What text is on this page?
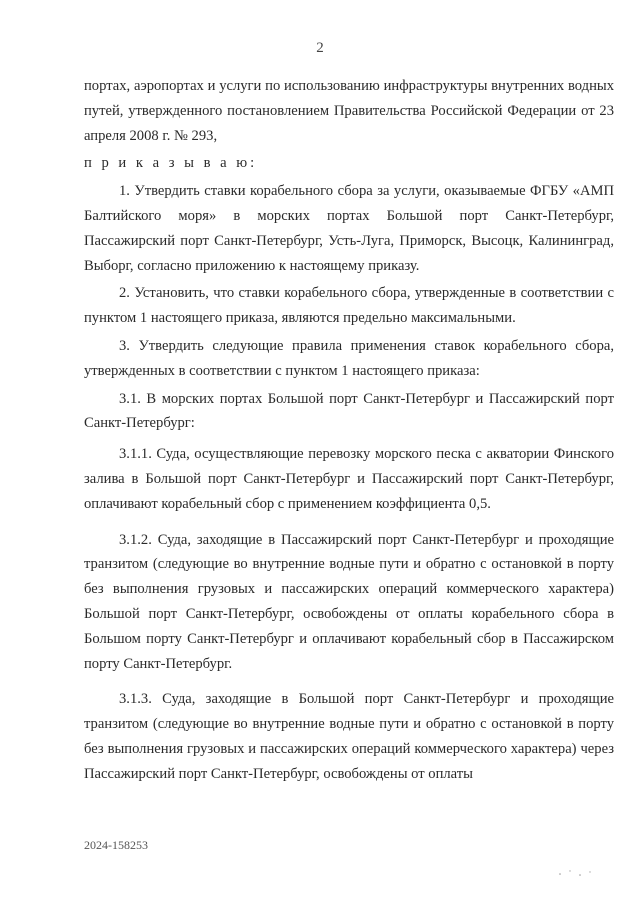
2

портах, аэропортах и услуги по использованию инфраструктуры внутренних водных путей, утвержденного постановлением Правительства Российской Федерации от 23 апреля 2008 г. № 293,

п р и к а з ы в а ю:

1. Утвердить ставки корабельного сбора за услуги, оказываемые ФГБУ «АМП Балтийского моря» в морских портах Большой порт Санкт-Петербург, Пассажирский порт Санкт-Петербург, Усть-Луга, Приморск, Высоцк, Калининград, Выборг, согласно приложению к настоящему приказу.

2. Установить, что ставки корабельного сбора, утвержденные в соответствии с пунктом 1 настоящего приказа, являются предельно максимальными.

3. Утвердить следующие правила применения ставок корабельного сбора, утвержденных в соответствии с пунктом 1 настоящего приказа:

3.1. В морских портах Большой порт Санкт-Петербург и Пассажирский порт Санкт-Петербург:

3.1.1. Суда, осуществляющие перевозку морского песка с акватории Финского залива в Большой порт Санкт-Петербург и Пассажирский порт Санкт-Петербург, оплачивают корабельный сбор с применением коэффициента 0,5.

3.1.2. Суда, заходящие в Пассажирский порт Санкт-Петербург и проходящие транзитом (следующие во внутренние водные пути и обратно с остановкой в порту без выполнения грузовых и пассажирских операций коммерческого характера) Большой порт Санкт-Петербург, освобождены от оплаты корабельного сбора в Большом порту Санкт-Петербург и оплачивают корабельный сбор в Пассажирском порту Санкт-Петербург.

3.1.3. Суда, заходящие в Большой порт Санкт-Петербург и проходящие транзитом (следующие во внутренние водные пути и обратно с остановкой в порту без выполнения грузовых и пассажирских операций коммерческого характера) через Пассажирский порт Санкт-Петербург, освобождены от оплаты

2024-158253
